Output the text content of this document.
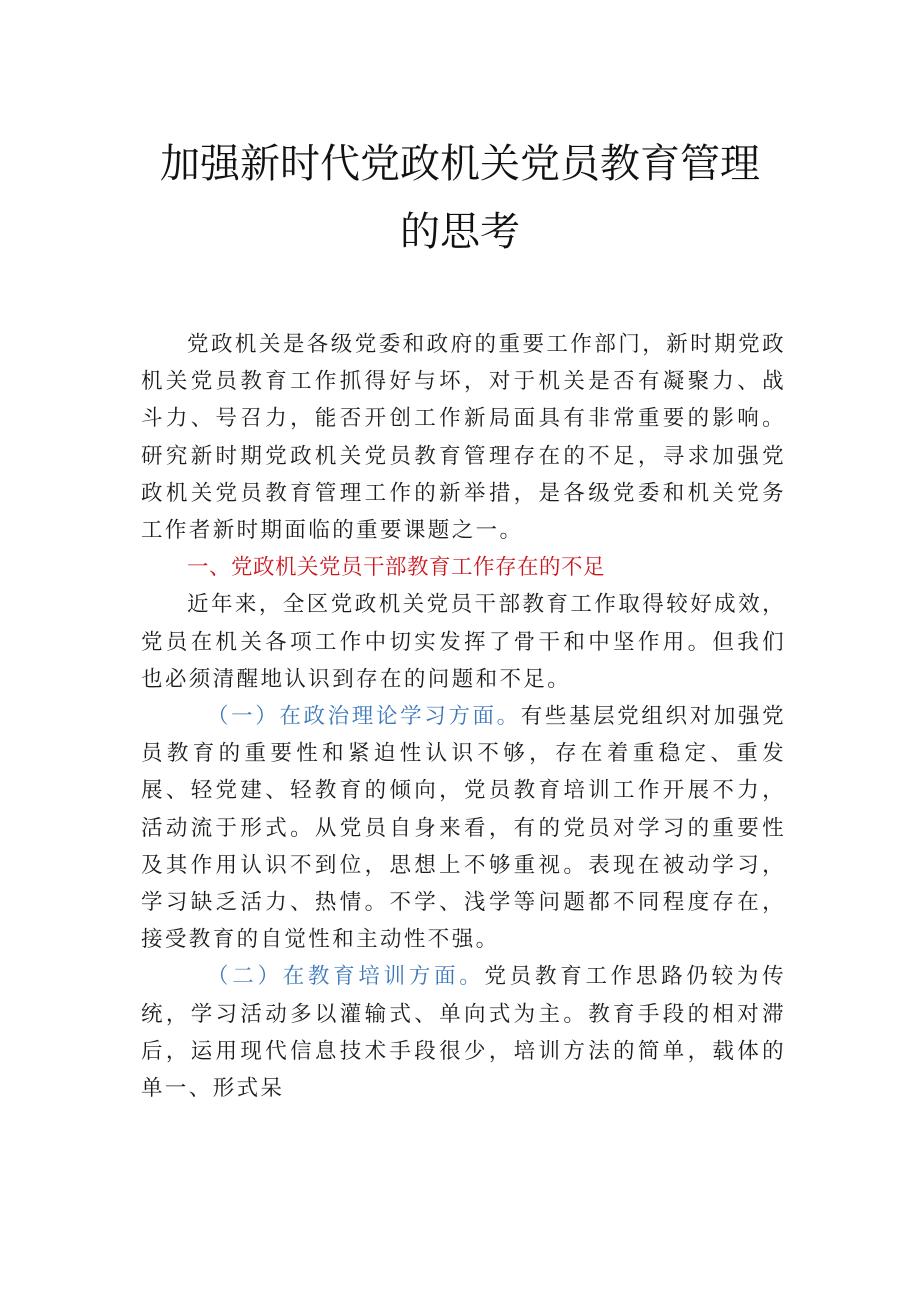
加强新时代党政机关党员教育管理
的思考

党政机关是各级党委和政府的重要工作部门，新时期党政机关党员教育工作抓得好与坏，对于机关是否有凝聚力、战斗力、号召力，能否开创工作新局面具有非常重要的影响。研究新时期党政机关党员教育管理存在的不足，寻求加强党政机关党员教育管理工作的新举措，是各级党委和机关党务工作者新时期面临的重要课题之一。

一、党政机关党员干部教育工作存在的不足

近年来，全区党政机关党员干部教育工作取得较好成效，党员在机关各项工作中切实发挥了骨干和中坚作用。但我们也必须清醒地认识到存在的问题和不足。

（一）在政治理论学习方面。有些基层党组织对加强党员教育的重要性和紧迫性认识不够，存在着重稳定、重发展、轻党建、轻教育的倾向，党员教育培训工作开展不力，活动流于形式。从党员自身来看，有的党员对学习的重要性及其作用认识不到位，思想上不够重视。表现在被动学习，学习缺乏活力、热情。不学、浅学等问题都不同程度存在，接受教育的自觉性和主动性不强。

（二）在教育培训方面。党员教育工作思路仍较为传统，学习活动多以灌输式、单向式为主。教育手段的相对滞后，运用现代信息技术手段很少，培训方法的简单，载体的单一、形式呆
